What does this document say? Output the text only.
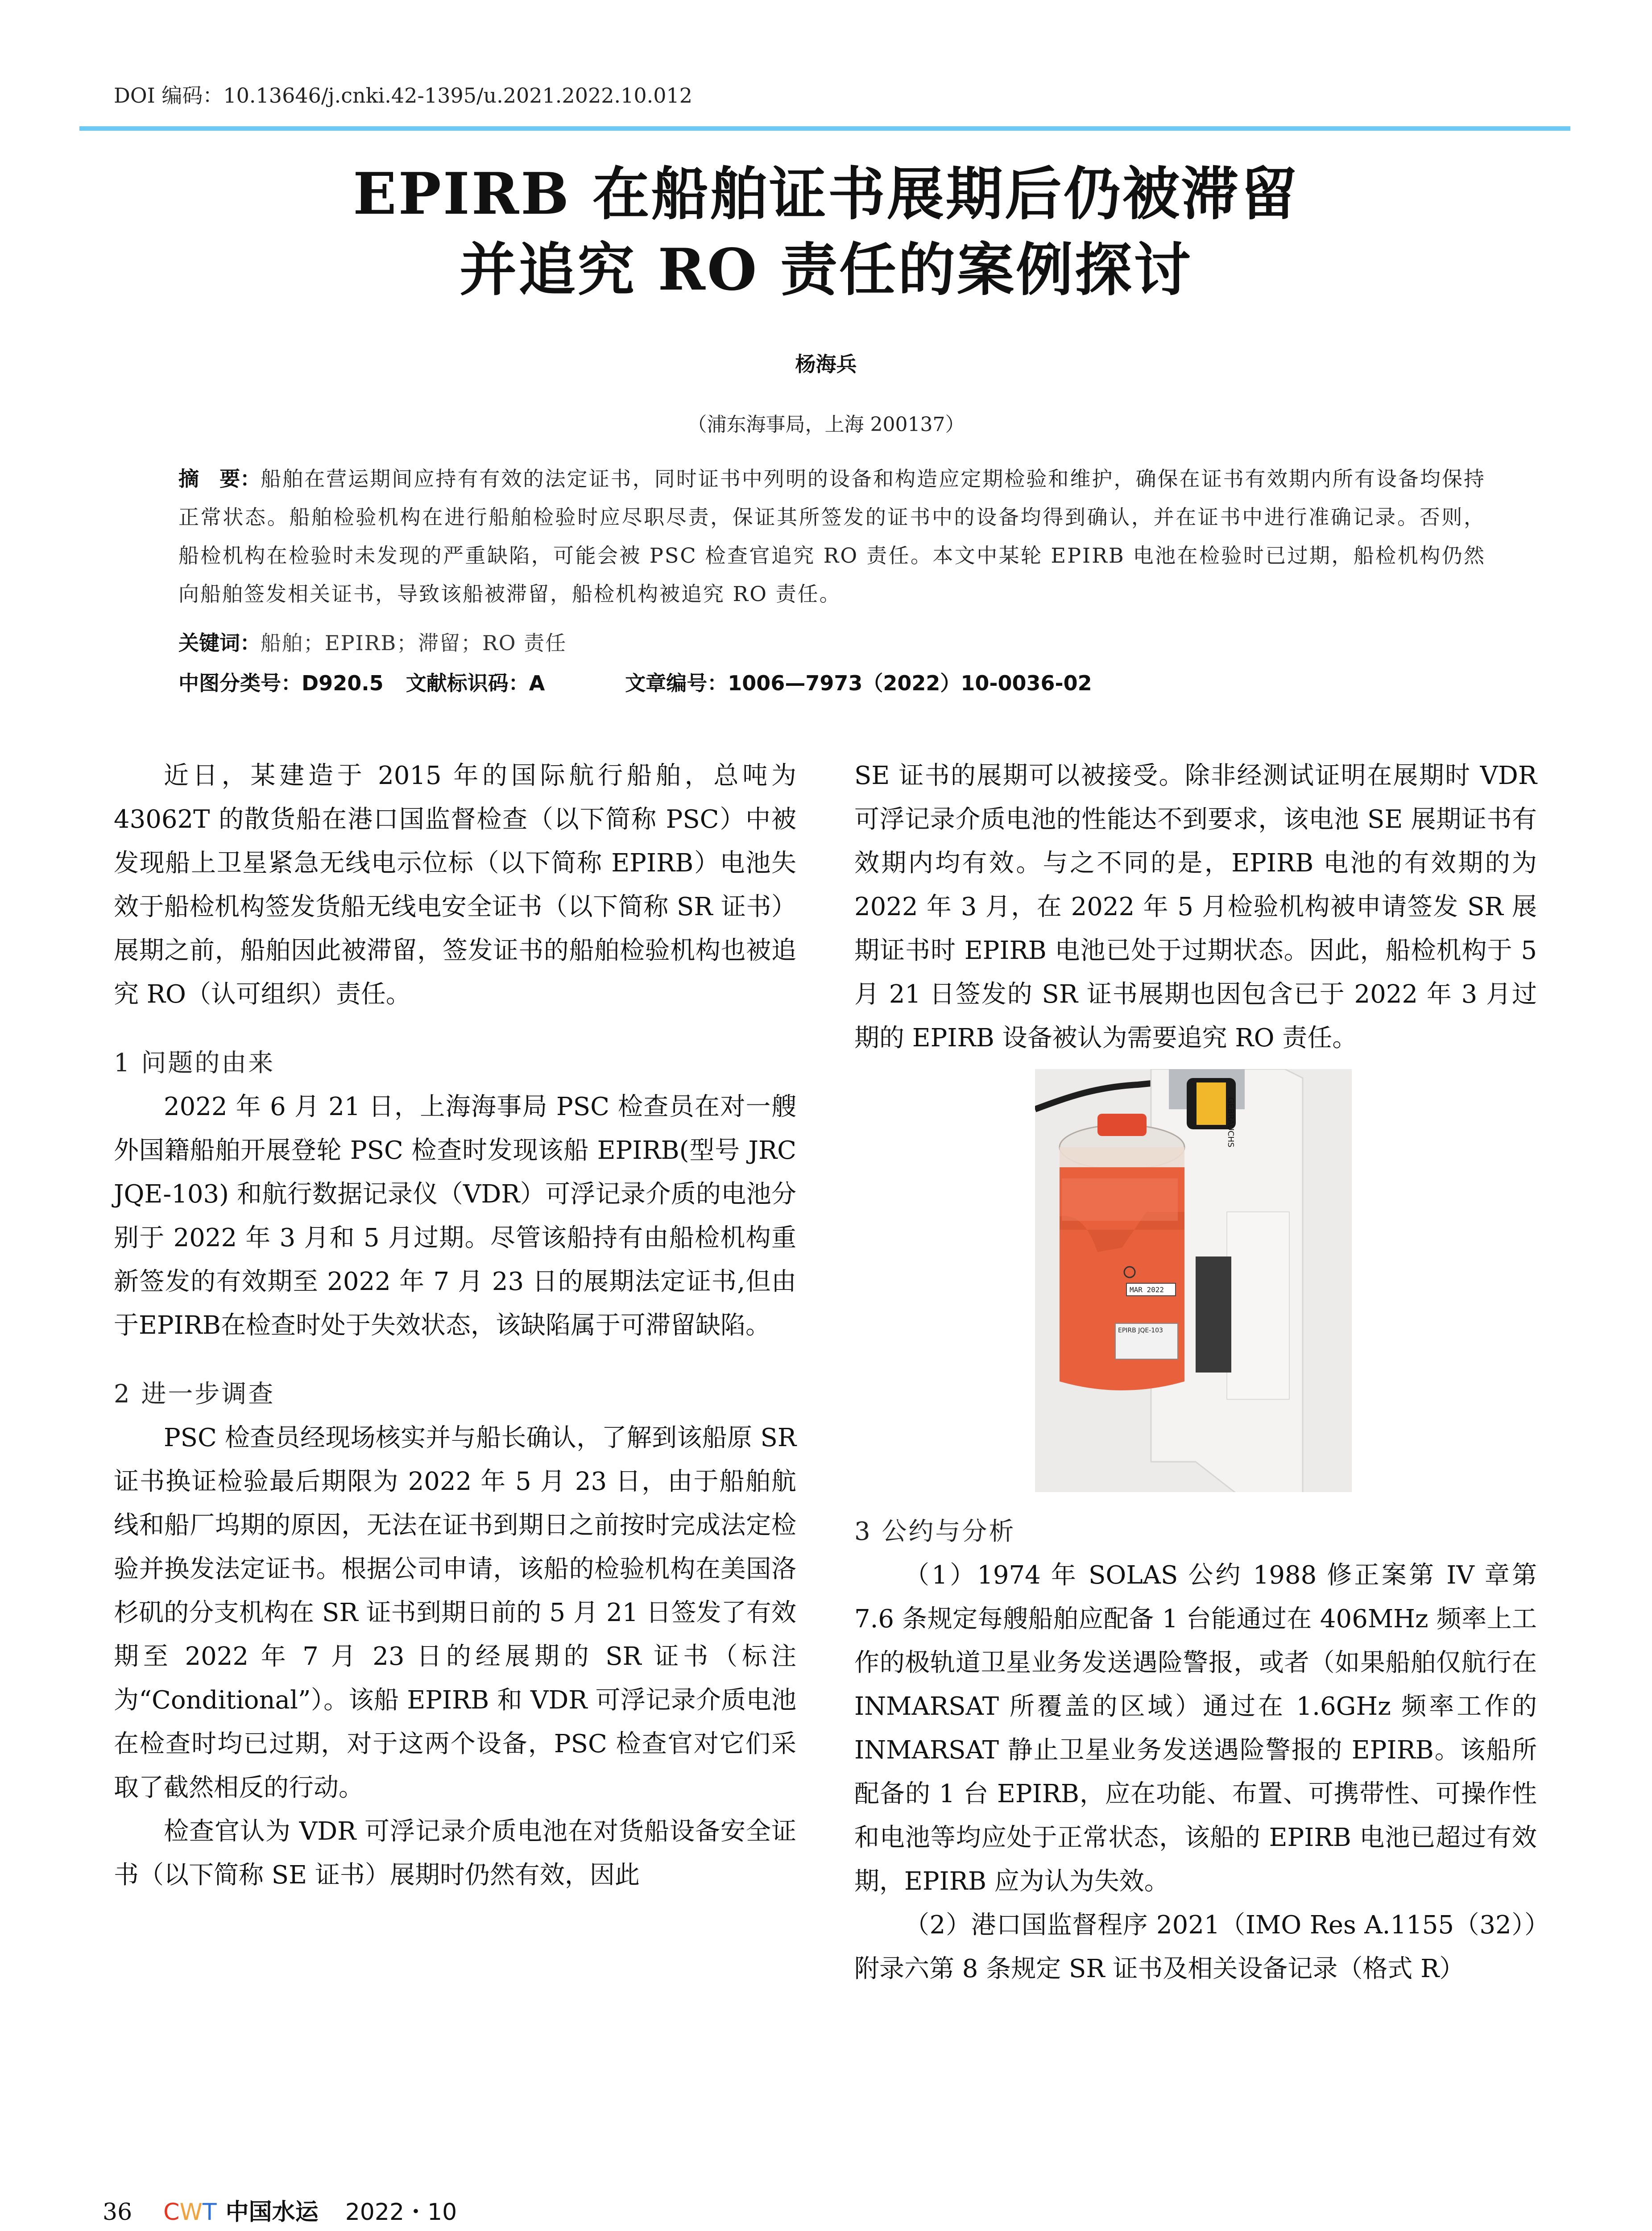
DOI 编码：10.13646/j.cnki.42-1395/u.2021.2022.10.012
EPIRB 在船舶证书展期后仍被滞留
并追究 RO 责任的案例探讨
杨海兵
（浦东海事局，上海 200137）
摘　要：船舶在营运期间应持有有效的法定证书，同时证书中列明的设备和构造应定期检验和维护，确保在证书有效期内所有设备均保持正常状态。船舶检验机构在进行船舶检验时应尽职尽责，保证其所签发的证书中的设备均得到确认，并在证书中进行准确记录。否则，船检机构在检验时未发现的严重缺陷，可能会被 PSC 检查官追究 RO 责任。本文中某轮 EPIRB 电池在检验时已过期，船检机构仍然向船舶签发相关证书，导致该船被滞留，船检机构被追究 RO 责任。
关键词：船舶；EPIRB；滞留；RO 责任
中图分类号：D920.5 文献标识码：A	文章编号：1006—7973（2022）10-0036-02

近日，某建造于 2015 年的国际航行船舶，总吨为 43062T 的散货船在港口国监督检查（以下简称 PSC）中被发现船上卫星紧急无线电示位标（以下简称 EPIRB）电池失效于船检机构签发货船无线电安全证书（以下简称 SR 证书）展期之前，船舶因此被滞留，签发证书的船舶检验机构也被追究 RO（认可组织）责任。

1 问题的由来

2022 年 6 月 21 日，上海海事局 PSC 检查员在对一艘外国籍船舶开展登轮 PSC 检查时发现该船 EPIRB(型号 JRC JQE-103) 和航行数据记录仪（VDR）可浮记录介质的电池分别于 2022 年 3 月和 5 月过期。尽管该船持有由船检机构重新签发的有效期至 2022 年 7 月 23 日的展期法定证书,但由于EPIRB在检查时处于失效状态，该缺陷属于可滞留缺陷。

2 进一步调查

PSC 检查员经现场核实并与船长确认，了解到该船原 SR 证书换证检验最后期限为 2022 年 5 月 23 日，由于船舶航线和船厂坞期的原因，无法在证书到期日之前按时完成法定检验并换发法定证书。根据公司申请，该船的检验机构在美国洛杉矶的分支机构在 SR 证书到期日前的 5 月 21 日签发了有效期至 2022 年 7 月 23 日的经展期的 SR 证书（标注为“Conditional”）。该船 EPIRB 和 VDR 可浮记录介质电池在检查时均已过期，对于这两个设备，PSC 检查官对它们采取了截然相反的行动。

检查官认为 VDR 可浮记录介质电池在对货船设备安全证书（以下简称 SE 证书）展期时仍然有效，因此

SE 证书的展期可以被接受。除非经测试证明在展期时 VDR 可浮记录介质电池的性能达不到要求，该电池 SE 展期证书有效期内均有效。与之不同的是，EPIRB 电池的有效期的为 2022 年 3 月，在 2022 年 5 月检验机构被申请签发 SR 展期证书时 EPIRB 电池已处于过期状态。因此，船检机构于 5 月 21 日签发的 SR 证书展期也因包含已于 2022 年 3 月过期的 EPIRB 设备被认为需要追究 RO 责任。

GEBRAUCHS
EPIRB JQE-103
MAR 2022
3 公约与分析

（1）1974 年 SOLAS 公约 1988 修正案第 IV 章第 7.6 条规定每艘船舶应配备 1 台能通过在 406MHz 频率上工作的极轨道卫星业务发送遇险警报，或者（如果船舶仅航行在 INMARSAT 所覆盖的区域）通过在 1.6GHz 频率工作的 INMARSAT 静止卫星业务发送遇险警报的 EPIRB。该船所配备的 1 台 EPIRB，应在功能、布置、可携带性、可操作性和电池等均应处于正常状态，该船的 EPIRB 电池已超过有效期，EPIRB 应为认为失效。

（2）港口国监督程序 2021（IMO Res A.1155（32））附录六第 8 条规定 SR 证书及相关设备记录（格式 R）

36 CWT 中国水运 2022・10
